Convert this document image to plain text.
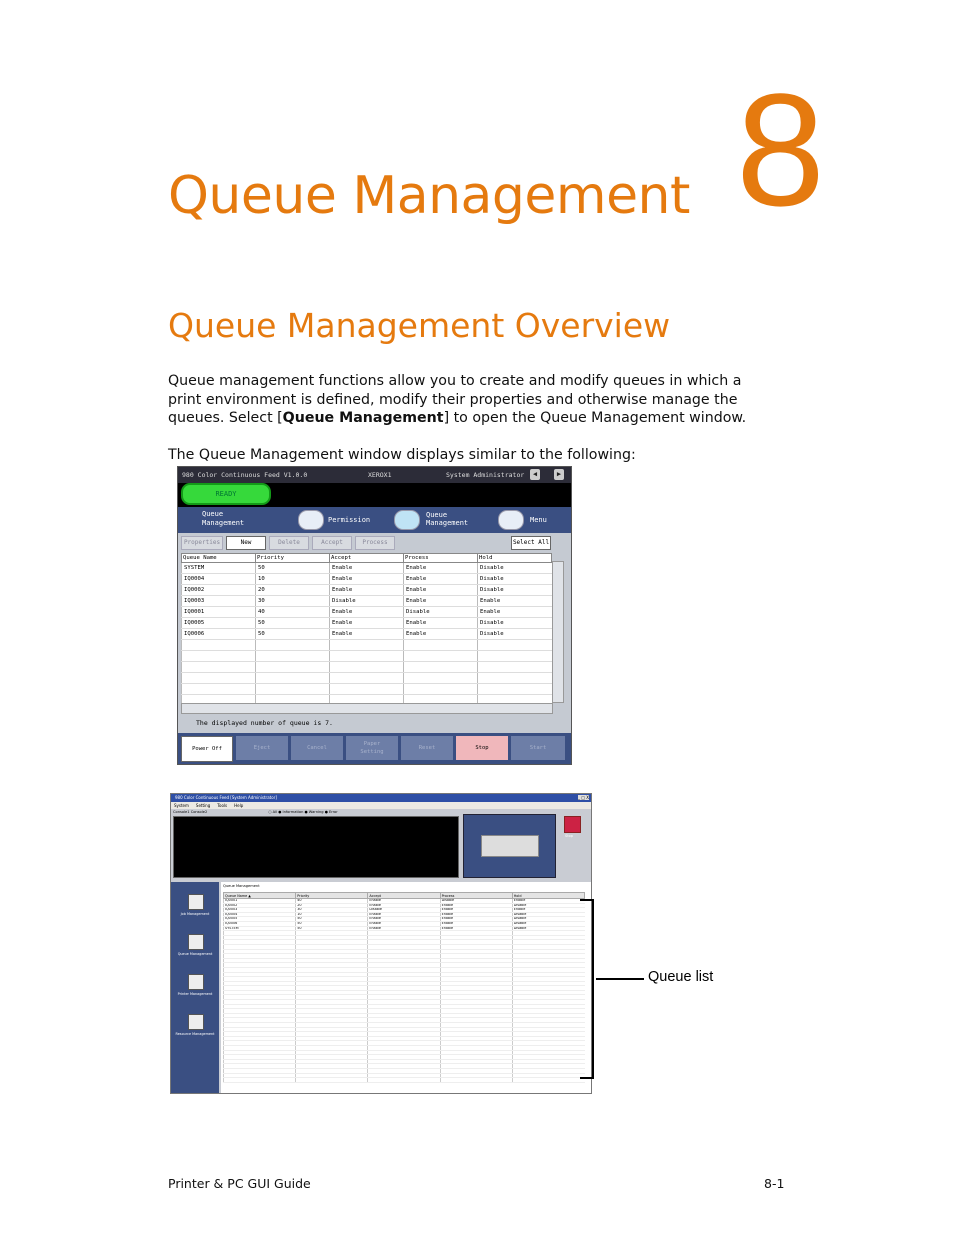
8
Queue Management
Queue Management Overview
Queue management functions allow you to create and modify queues in which a print environment is defined, modify their properties and otherwise manage the queues. Select [Queue Management] to open the Queue Management window.
The Queue Management window displays similar to the following:
980 Color Continuous Feed V1.0.0	XEROX1	System Administrator	◀	▶
READY
Queue
Management	Permission
Queue
Management	Menu
Properties	New	Delete	Accept	Process	Select All
Queue Name	Priority	Accept	Process	Hold
SYSTEM	50	Enable	Enable	Disable
IQ0004	10	Enable	Enable	Disable
IQ0002	20	Enable	Enable	Disable
IQ0003	30	Disable	Enable	Enable
IQ0001	40	Enable	Disable	Enable
IQ0005	50	Enable	Enable	Disable
IQ0006	50	Enable	Enable	Disable

The displayed number of queue is 7.
Power Off	Eject	Cancel
Paper
Setting
Reset	Stop	Start
980 Color Continuous Feed [System Administrator]	_ □ X
System Setting Tools Help
Console1 Console2	○ All ● Information ● Warning ● Error
Stop
Job Management
Queue Management
Printer Management
Resource Management
Queue Management
Queue Name ▲	Priority	Accept	Process	Hold
IQ0001	40	Enable	Disable	Enable
IQ0002	20	Enable	Enable	Disable
IQ0003	30	Disable	Enable	Enable
IQ0004	10	Enable	Enable	Disable
IQ0005	50	Enable	Enable	Disable
IQ0006	50	Enable	Enable	Disable
SYSTEM	50	Enable	Enable	Disable

Queue list
Printer & PC GUI Guide	8-1
